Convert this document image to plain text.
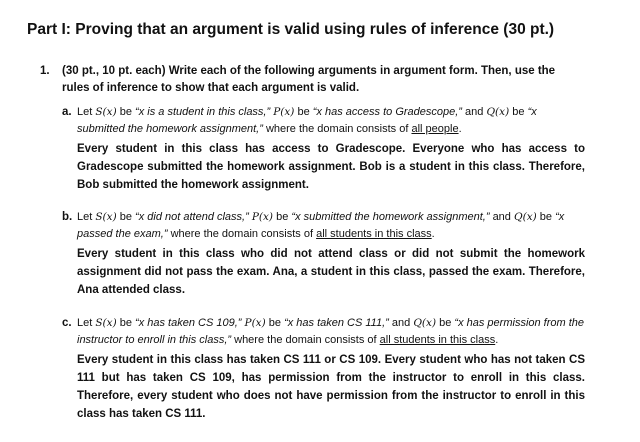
Part I: Proving that an argument is valid using rules of inference (30 pt.)
1. (30 pt., 10 pt. each) Write each of the following arguments in argument form. Then, use the rules of inference to show that each argument is valid.
a. Let S(x) be “x is a student in this class,” P(x) be “x has access to Gradescope,” and Q(x) be “x submitted the homework assignment,” where the domain consists of all people.
Every student in this class has access to Gradescope. Everyone who has access to Gradescope submitted the homework assignment. Bob is a student in this class. Therefore, Bob submitted the homework assignment.
b. Let S(x) be “x did not attend class,” P(x) be “x submitted the homework assignment,” and Q(x) be “x passed the exam,” where the domain consists of all students in this class.
Every student in this class who did not attend class or did not submit the homework assignment did not pass the exam. Ana, a student in this class, passed the exam. Therefore, Ana attended class.
c. Let S(x) be “x has taken CS 109,” P(x) be “x has taken CS 111,” and Q(x) be “x has permission from the instructor to enroll in this class,” where the domain consists of all students in this class.
Every student in this class has taken CS 111 or CS 109. Every student who has not taken CS 111 but has taken CS 109, has permission from the instructor to enroll in this class. Therefore, every student who does not have permission from the instructor to enroll in this class has taken CS 111.
